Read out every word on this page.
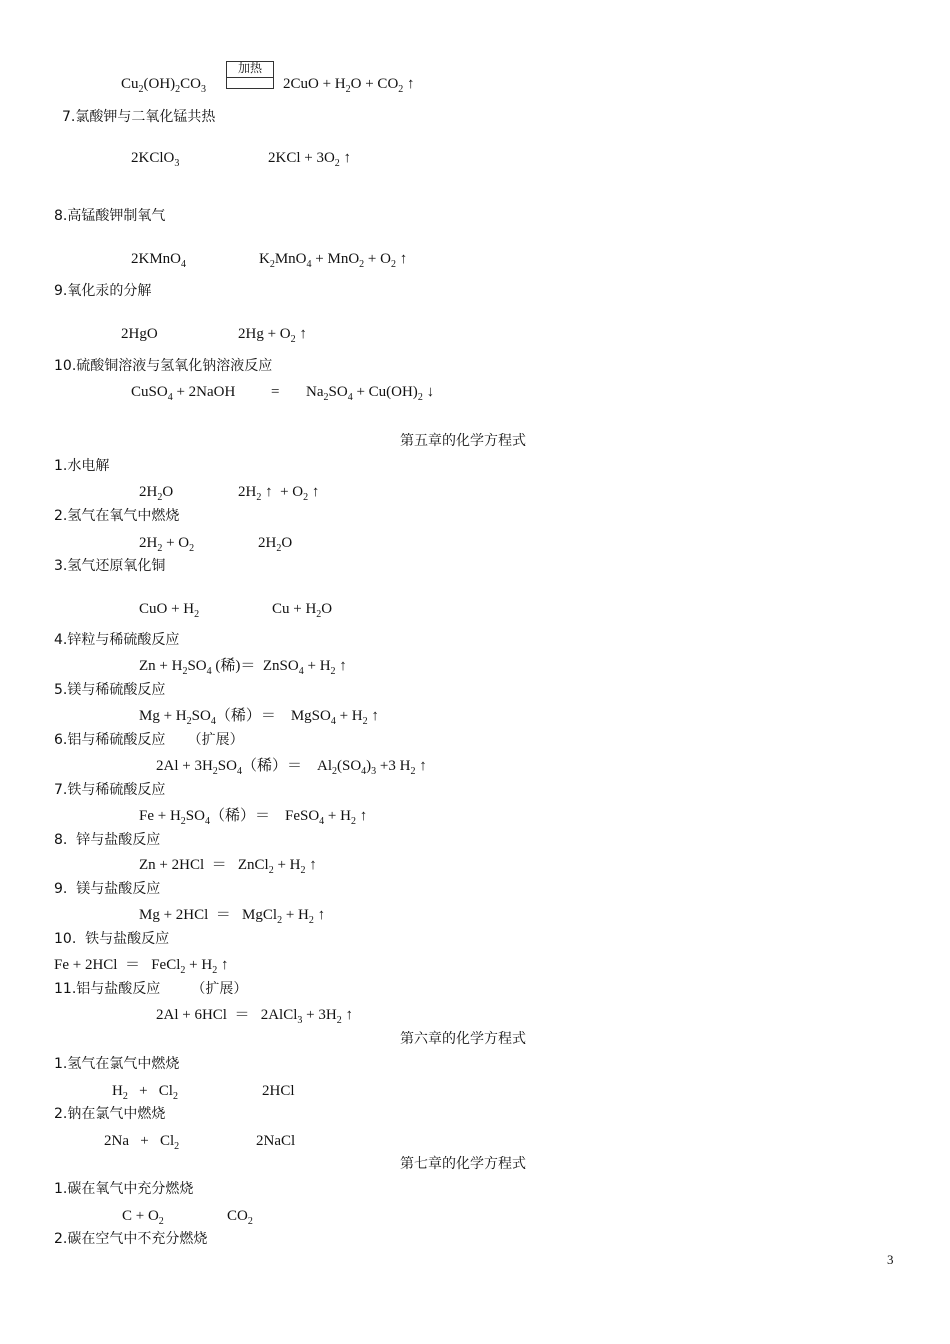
加热
$Cu_2(OH)_2CO_3$	$2CuO + H_2O + CO_2$ ↑
7.氯酸钾与二氧化锰共热
2KClO$_3$	$2KCl + 3O_2$ ↑
8.高锰酸钾制氧气
2KMnO$_4$	$K_2MnO_4 + MnO_2 + O_2$ ↑
9.氧化汞的分解
2HgO	$2Hg + O_2$ ↑
10.硫酸铜溶液与氢氧化钠溶液反应
CuSO$_4$ + 2NaOH = $Na_2SO_4 + Cu(OH)_2$ ↓
第五章的化学方程式
1.水电解
$2H_2O$	$2H_2$ ↑  + $O_2$ ↑
2.氢气在氧气中燃烧
$2H_2 + O_2$	$2H_2O$
3.氢气还原氧化铜
CuO + $H_2$	$Cu + H_2O$
4.锌粒与稀硫酸反应
$Zn + H_2SO_4$ (稀)＝  ZnSO$_4$ + $H_2$ ↑
5.镁与稀硫酸反应
$Mg + H_2SO_4$（稀）＝    MgSO$_4$ + $H_2$ ↑
6.铝与稀硫酸反应     （扩展）
$2Al + 3H_2SO_4$（稀）＝    $Al_2(SO_4)_3 +3$ $H_2$ ↑
7.铁与稀硫酸反应
$Fe + H_2SO_4$（稀）＝    FeSO$_4$ + $H_2$ ↑
8.  锌与盐酸反应
Zn + 2HCl  ＝   ZnCl$_2$ + $H_2$ ↑
9.  镁与盐酸反应
Mg + 2HCl  ＝   MgCl$_2$ + $H_2$ ↑
10.  铁与盐酸反应
Fe + 2HCl  ＝   FeCl$_2$ + $H_2$ ↑
11.铝与盐酸反应       （扩展）
2Al + 6HCl  ＝   2AlCl$_3$ + $3H_2$ ↑
第六章的化学方程式
1.氢气在氯气中燃烧
$H_2 + Cl_2$	2HCl
2.钠在氯气中燃烧
$2Na + Cl_2$	2NaCl
第七章的化学方程式
1.碳在氧气中充分燃烧
$C + O_2$	$CO_2$
2.碳在空气中不充分燃烧
3
